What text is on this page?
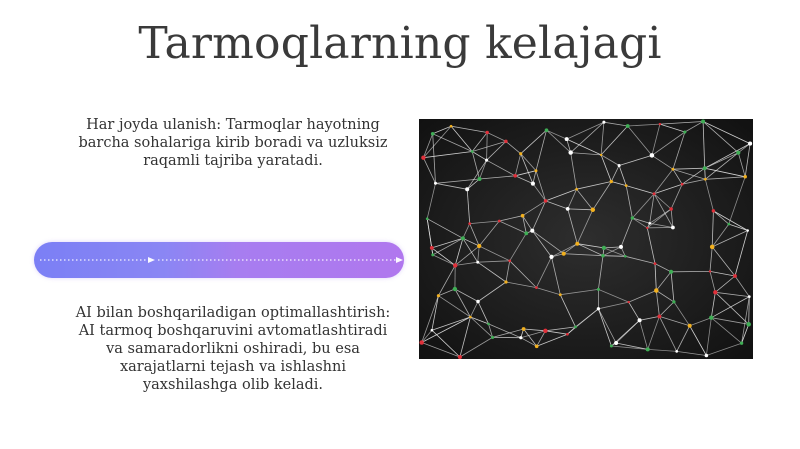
Tarmoqlarning kelajagi
Har joyda ulanish: Tarmoqlar hayotning barcha sohalariga kirib boradi va uzluksiz raqamli tajriba yaratadi.
AI bilan boshqariladigan optimallashtirish: AI tarmoq boshqaruvini avtomatlashtiradi va samaradorlikni oshiradi, bu esa xarajatlarni tejash va ishlashni yaxshilashga olib keladi.
